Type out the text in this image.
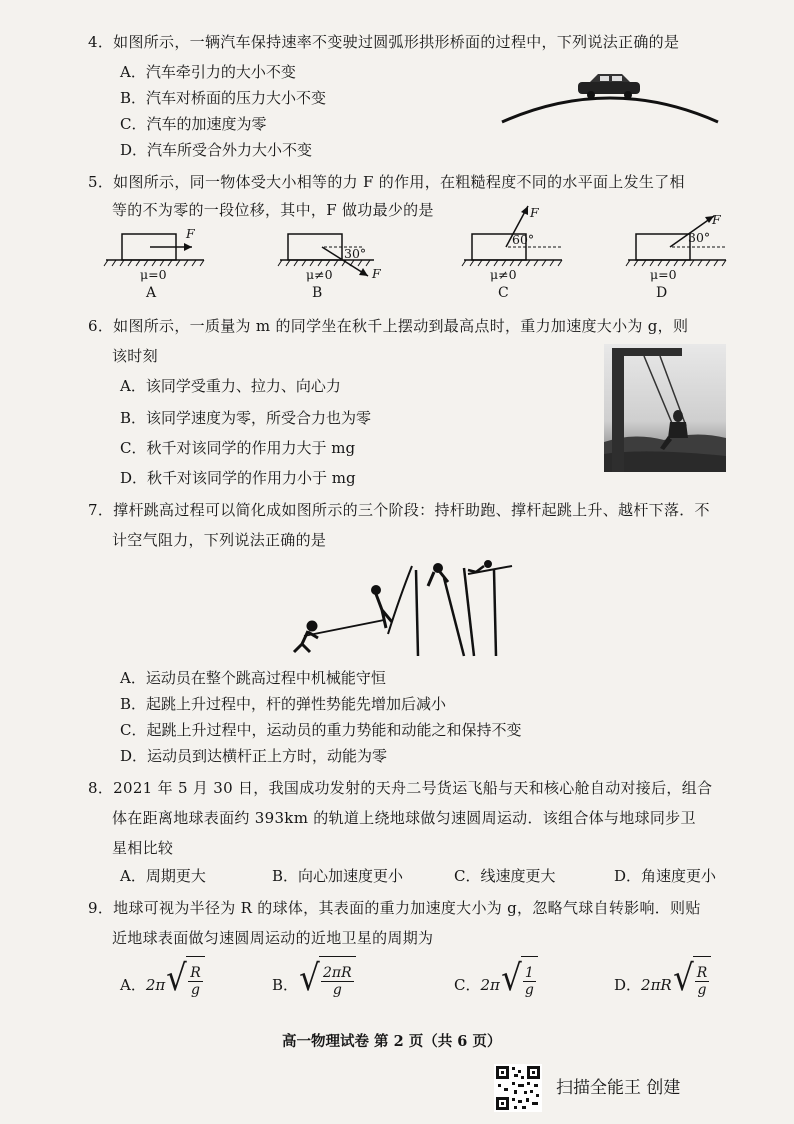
4．如图所示，一辆汽车保持速率不变驶过圆弧形拱形桥面的过程中，下列说法正确的是
A．汽车牵引力的大小不变
B．汽车对桥面的压力大小不变
C．汽车的加速度为零
D．汽车所受合外力大小不变
5．如图所示，同一物体受大小相等的力 F 的作用，在粗糙程度不同的水平面上发生了相
等的不为零的一段位移，其中，F 做功最少的是
F
μ=0
A
30°
F
μ≠0
B
F
60°
μ≠0
C
F
30°
μ=0
D
6．如图所示，一质量为 m 的同学坐在秋千上摆动到最高点时，重力加速度大小为 g，则
该时刻
A．该同学受重力、拉力、向心力
B．该同学速度为零，所受合力也为零
C．秋千对该同学的作用力大于 mg
D．秋千对该同学的作用力小于 mg
7．撑杆跳高过程可以简化成如图所示的三个阶段：持杆助跑、撑杆起跳上升、越杆下落．不
计空气阻力，下列说法正确的是
A．运动员在整个跳高过程中机械能守恒
B．起跳上升过程中，杆的弹性势能先增加后减小
C．起跳上升过程中，运动员的重力势能和动能之和保持不变
D．运动员到达横杆正上方时，动能为零
8．2021 年 5 月 30 日，我国成功发射的天舟二号货运飞船与天和核心舱自动对接后，组合
体在距离地球表面约 393km 的轨道上绕地球做匀速圆周运动．该组合体与地球同步卫
星相比较
A．周期更大	B．向心加速度更小	C．线速度更大	D．角速度更小
9．地球可视为半径为 R 的球体，其表面的重力加速度大小为 g，忽略气球自转影响．则贴
近地球表面做匀速圆周运动的近地卫星的周期为
A．2π √ $\frac{R}{g}$	B． √ $\frac{2\pi R}{g}$	C．2π √ $\frac{1}{g}$	D．2πR √ $\frac{R}{g}$
高一物理试卷 第 2 页（共 6 页）
扫描全能王 创建
